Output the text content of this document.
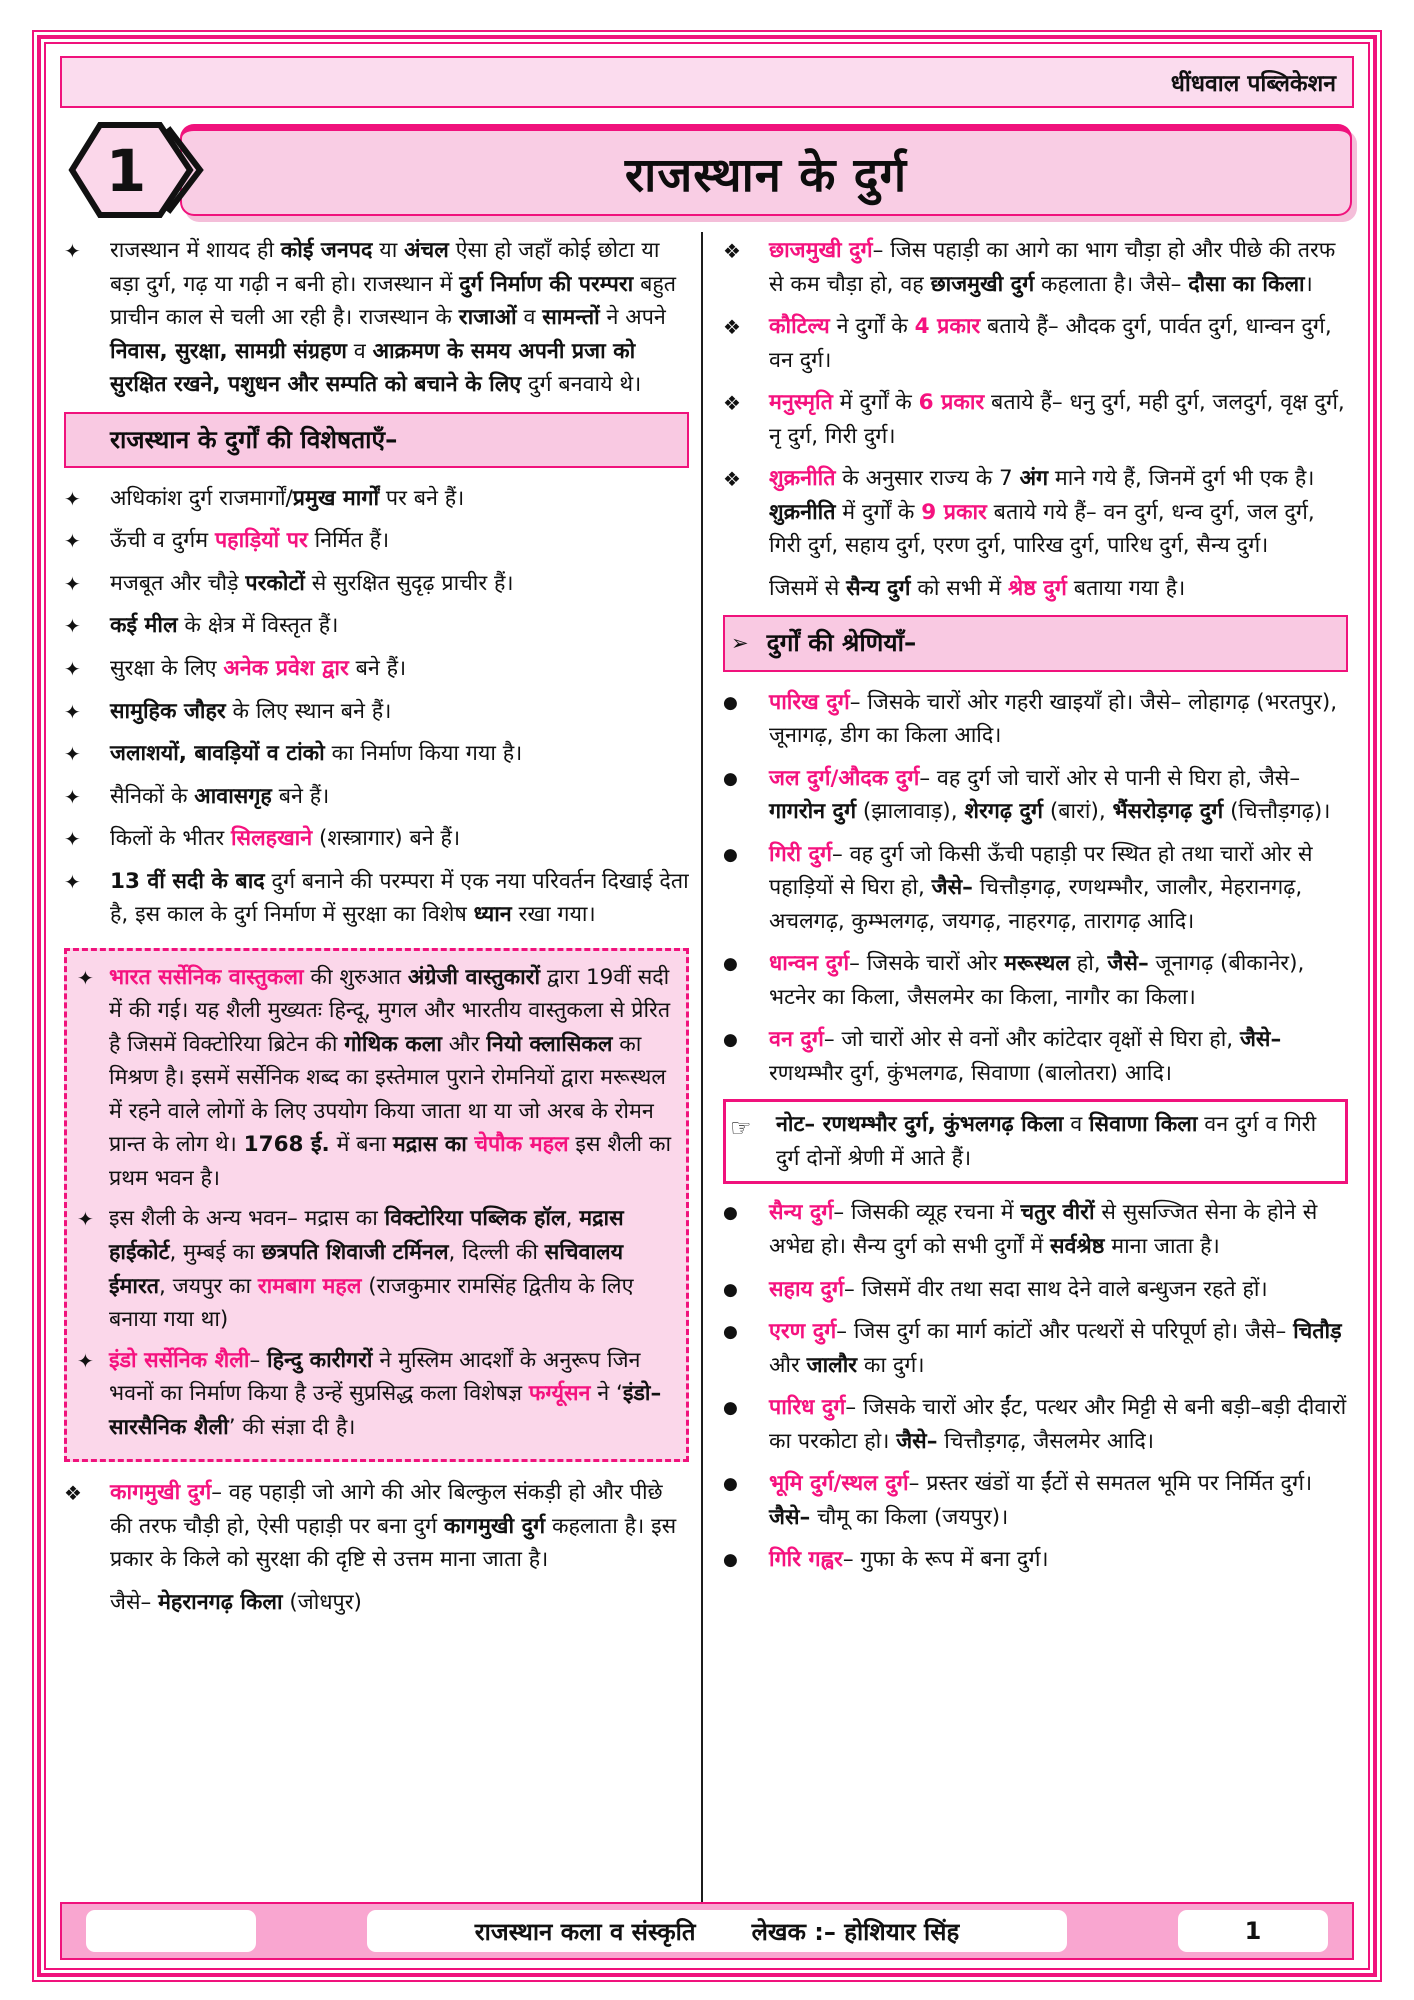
धींधवाल पब्लिकेशन
1	राजस्थान के दुर्ग
✦	राजस्थान में शायद ही कोई जनपद या अंचल ऐसा हो जहाँ कोई छोटा या बड़ा दुर्ग, गढ़ या गढ़ी न बनी हो। राजस्थान में दुर्ग निर्माण की परम्परा बहुत प्राचीन काल से चली आ रही है। राजस्थान के राजाओं व सामन्तों ने अपने निवास, सुरक्षा, सामग्री संग्रहण व आक्रमण के समय अपनी प्रजा को सुरक्षित रखने, पशुधन और सम्पति को बचाने के लिए दुर्ग बनवाये थे।
राजस्थान के दुर्गों की विशेषताएँ–
✦	अधिकांश दुर्ग राजमार्गों/प्रमुख मार्गों पर बने हैं।
✦	ऊँची व दुर्गम पहाड़ियों पर निर्मित हैं।
✦	मजबूत और चौड़े परकोटों से सुरक्षित सुदृढ़ प्राचीर हैं।
✦	कई मील के क्षेत्र में विस्तृत हैं।
✦	सुरक्षा के लिए अनेक प्रवेश द्वार बने हैं।
✦	सामुहिक जौहर के लिए स्थान बने हैं।
✦	जलाशयों, बावड़ियों व टांको का निर्माण किया गया है।
✦	सैनिकों के आवासगृह बने हैं।
✦	किलों के भीतर सिलहखाने (शस्त्रागार) बने हैं।
✦	13 वीं सदी के बाद दुर्ग बनाने की परम्परा में एक नया परिवर्तन दिखाई देता है, इस काल के दुर्ग निर्माण में सुरक्षा का विशेष ध्यान रखा गया।
✦ भारत सर्सेनिक वास्तुकला की शुरुआत अंग्रेजी वास्तुकारों द्वारा 19वीं सदी में की गई। यह शैली मुख्यतः हिन्दू, मुगल और भारतीय वास्तुकला से प्रेरित है जिसमें विक्टोरिया ब्रिटेन की गोथिक कला और नियो क्लासिकल का मिश्रण है। इसमें सर्सेनिक शब्द का इस्तेमाल पुराने रोमनियों द्वारा मरूस्थल में रहने वाले लोगों के लिए उपयोग किया जाता था या जो अरब के रोमन प्रान्त के लोग थे। 1768 ई. में बना मद्रास का चेपौक महल इस शैली का प्रथम भवन है।
✦ इस शैली के अन्य भवन– मद्रास का विक्टोरिया पब्लिक हॉल, मद्रास हाईकोर्ट, मुम्बई का छत्रपति शिवाजी टर्मिनल, दिल्ली की सचिवालय ईमारत, जयपुर का रामबाग महल (राजकुमार रामसिंह द्वितीय के लिए बनाया गया था)
✦ इंडो सर्सेनिक शैली– हिन्दु कारीगरों ने मुस्लिम आदर्शों के अनुरूप जिन भवनों का निर्माण किया है उन्हें सुप्रसिद्ध कला विशेषज्ञ फर्ग्यूसन ने ‘इंडो–सारसैनिक शैली’ की संज्ञा दी है।
❖	कागमुखी दुर्ग– वह पहाड़ी जो आगे की ओर बिल्कुल संकड़ी हो और पीछे की तरफ चौड़ी हो, ऐसी पहाड़ी पर बना दुर्ग कागमुखी दुर्ग कहलाता है। इस प्रकार के किले को सुरक्षा की दृष्टि से उत्तम माना जाता है।
जैसे– मेहरानगढ़ किला (जोधपुर)
❖	छाजमुखी दुर्ग– जिस पहाड़ी का आगे का भाग चौड़ा हो और पीछे की तरफ से कम चौड़ा हो, वह छाजमुखी दुर्ग कहलाता है। जैसे– दौसा का किला।
❖	कौटिल्य ने दुर्गों के 4 प्रकार बताये हैं– औदक दुर्ग, पार्वत दुर्ग, धान्वन दुर्ग, वन दुर्ग।
❖	मनुस्मृति में दुर्गों के 6 प्रकार बताये हैं– धनु दुर्ग, मही दुर्ग, जलदुर्ग, वृक्ष दुर्ग, नृ दुर्ग, गिरी दुर्ग।
❖	शुक्रनीति के अनुसार राज्य के 7 अंग माने गये हैं, जिनमें दुर्ग भी एक है। शुक्रनीति में दुर्गों के 9 प्रकार बताये गये हैं– वन दुर्ग, धन्व दुर्ग, जल दुर्ग, गिरी दुर्ग, सहाय दुर्ग, एरण दुर्ग, पारिख दुर्ग, पारिध दुर्ग, सैन्य दुर्ग।
जिसमें से सैन्य दुर्ग को सभी में श्रेष्ठ दुर्ग बताया गया है।
➢ दुर्गों की श्रेणियाँ–
●	पारिख दुर्ग– जिसके चारों ओर गहरी खाइयाँ हो। जैसे– लोहागढ़ (भरतपुर), जूनागढ़, डीग का किला आदि।
●	जल दुर्ग/औदक दुर्ग– वह दुर्ग जो चारों ओर से पानी से घिरा हो, जैसे– गागरोन दुर्ग (झालावाड़), शेरगढ़ दुर्ग (बारां), भैंसरोड़गढ़ दुर्ग (चित्तौड़गढ़)।
●	गिरी दुर्ग– वह दुर्ग जो किसी ऊँची पहाड़ी पर स्थित हो तथा चारों ओर से पहाड़ियों से घिरा हो, जैसे– चित्तौड़गढ़, रणथम्भौर, जालौर, मेहरानगढ़, अचलगढ़, कुम्भलगढ़, जयगढ़, नाहरगढ़, तारागढ़ आदि।
●	धान्वन दुर्ग– जिसके चारों ओर मरूस्थल हो, जैसे– जूनागढ़ (बीकानेर), भटनेर का किला, जैसलमेर का किला, नागौर का किला।
●	वन दुर्ग– जो चारों ओर से वनों और कांटेदार वृक्षों से घिरा हो, जैसे– रणथम्भौर दुर्ग, कुंभलगढ, सिवाणा (बालोतरा) आदि।
☞	नोट– रणथम्भौर दुर्ग, कुंभलगढ़ किला व सिवाणा किला वन दुर्ग व गिरी दुर्ग दोनों श्रेणी में आते हैं।
●	सैन्य दुर्ग– जिसकी व्यूह रचना में चतुर वीरों से सुसज्जित सेना के होने से अभेद्य हो। सैन्य दुर्ग को सभी दुर्गों में सर्वश्रेष्ठ माना जाता है।
●	सहाय दुर्ग– जिसमें वीर तथा सदा साथ देने वाले बन्धुजन रहते हों।
●	एरण दुर्ग– जिस दुर्ग का मार्ग कांटों और पत्थरों से परिपूर्ण हो। जैसे– चितौड़ और जालौर का दुर्ग।
●	पारिध दुर्ग– जिसके चारों ओर ईंट, पत्थर और मिट्टी से बनी बड़ी–बड़ी दीवारों का परकोटा हो। जैसे– चित्तौड़गढ़, जैसलमेर आदि।
●	भूमि दुर्ग/स्थल दुर्ग– प्रस्तर खंडों या ईंटों से समतल भूमि पर निर्मित दुर्ग। जैसे– चौमू का किला (जयपुर)।
●	गिरि गह्वर– गुफा के रूप में बना दुर्ग।
राजस्थान कला व संस्कृति लेखक :– होशियार सिंह	1
